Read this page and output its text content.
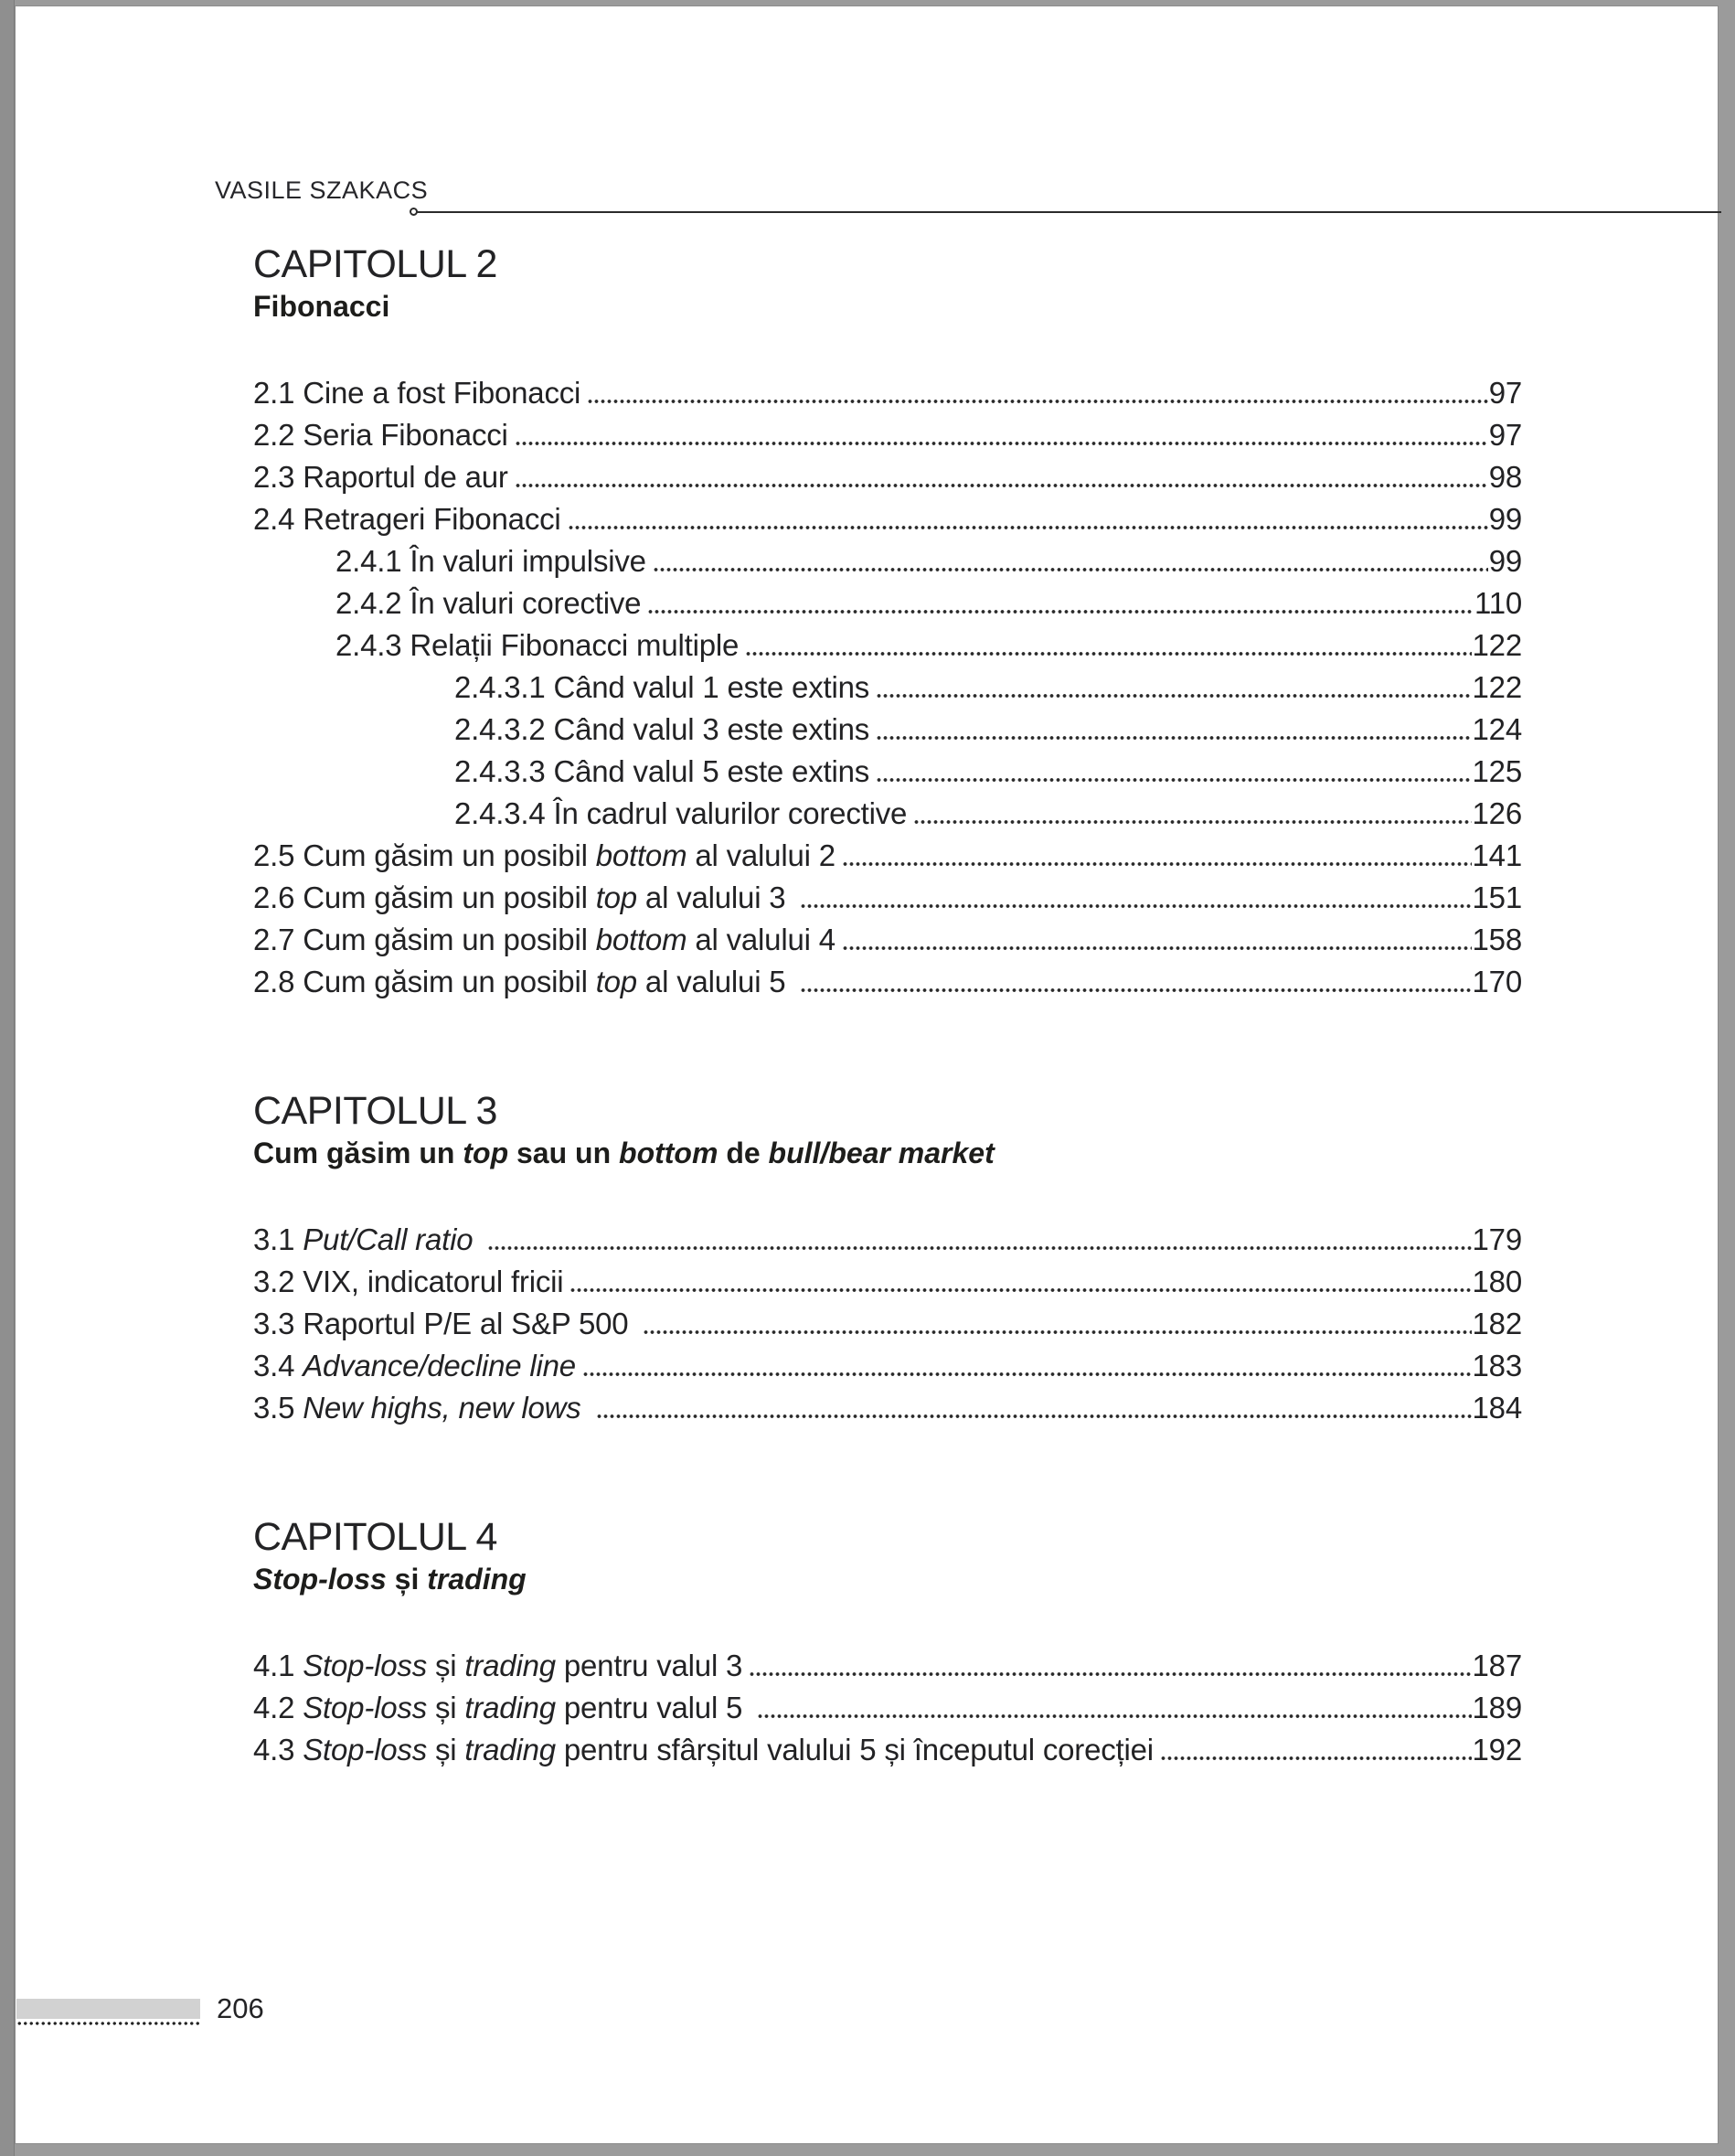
VASILE SZAKACS
CAPITOLUL 2

Fibonacci

2.1 Cine a fost Fibonacci	97
2.2 Seria Fibonacci	97
2.3 Raportul de aur	98
2.4 Retrageri Fibonacci	99
2.4.1 În valuri impulsive	99
2.4.2 În valuri corective	110
2.4.3 Relații Fibonacci multiple	122
2.4.3.1 Când valul 1 este extins	122
2.4.3.2 Când valul 3 este extins	124
2.4.3.3 Când valul 5 este extins	125
2.4.3.4 În cadrul valurilor corective	126
2.5 Cum găsim un posibil bottom al valului 2	141
2.6 Cum găsim un posibil top al valului 3	151
2.7 Cum găsim un posibil bottom al valului 4	158
2.8 Cum găsim un posibil top al valului 5	170
CAPITOLUL 3

Cum găsim un top sau un bottom de bull/bear market

3.1 Put/Call ratio	179
3.2 VIX, indicatorul fricii	180
3.3 Raportul P/E al S&P 500	182
3.4 Advance/decline line	183
3.5 New highs, new lows	184
CAPITOLUL 4

Stop-loss și trading

4.1 Stop-loss și trading pentru valul 3	187
4.2 Stop-loss și trading pentru valul 5	189
4.3 Stop-loss și trading pentru sfârșitul valului 5 și începutul corecției	192
206
